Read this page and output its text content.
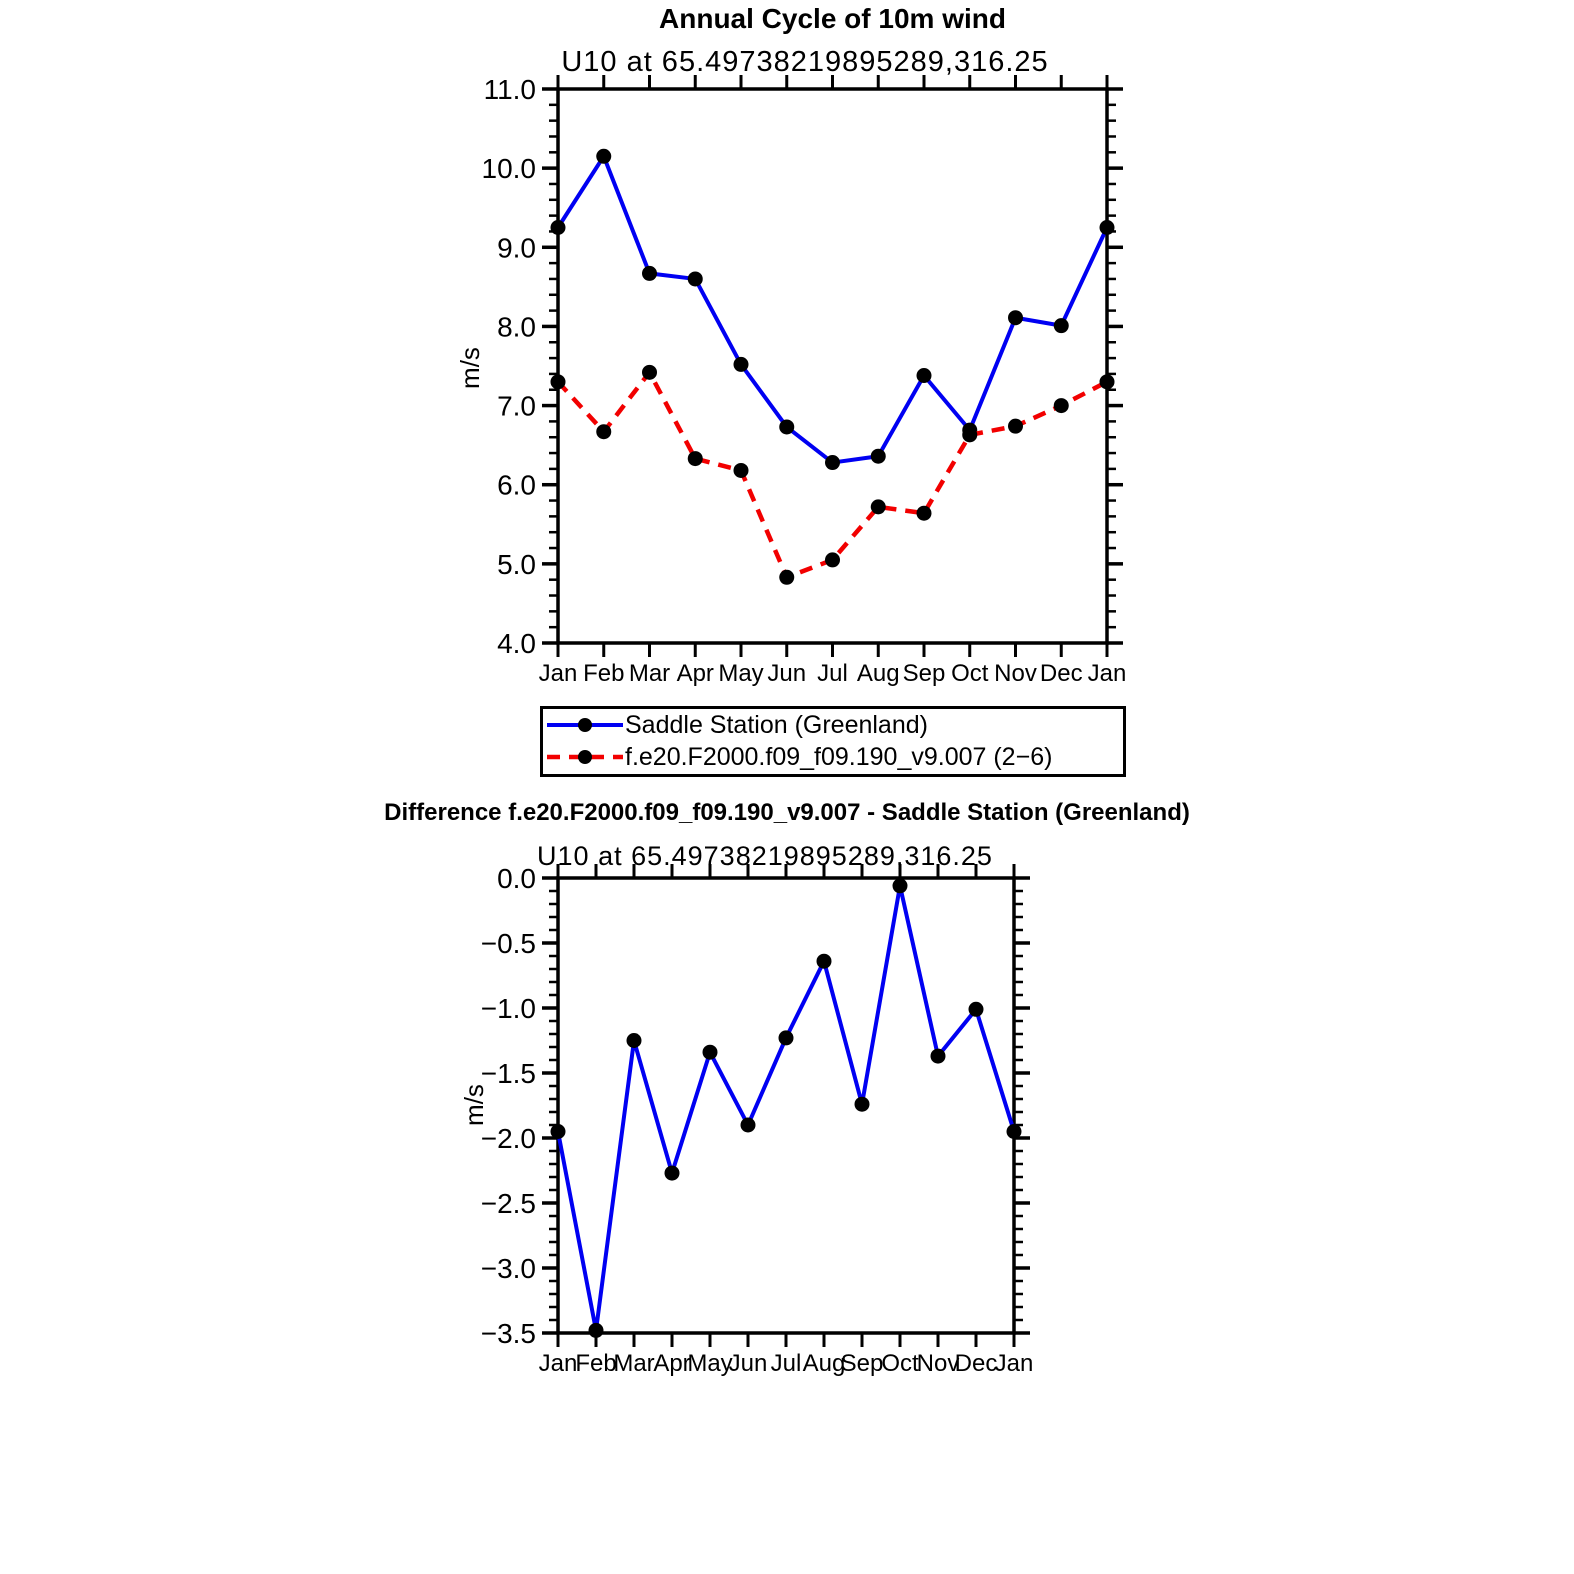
Jan Feb Mar Apr May Jun Jul Aug Sep Oct Nov Dec Jan
4.0
5.0
6.0
7.0
8.0
9.0
10.0
11.0
Jan
Feb
Mar
Apr
May
Jun Jul Aug
Sep
Oct
Nov
Dec
Jan
−3.5
−3.0
−2.5
−2.0
−1.5
−1.0
−0.5
0.0
Annual Cycle of 10m wind
U10 at 65.49738219895289,316.25
m/s
Saddle Station (Greenland)
f.e20.F2000.f09_f09.190_v9.007 (2−6)
Difference f.e20.F2000.f09_f09.190_v9.007 - Saddle Station (Greenland)
U10 at 65.49738219895289,316.25
m/s
